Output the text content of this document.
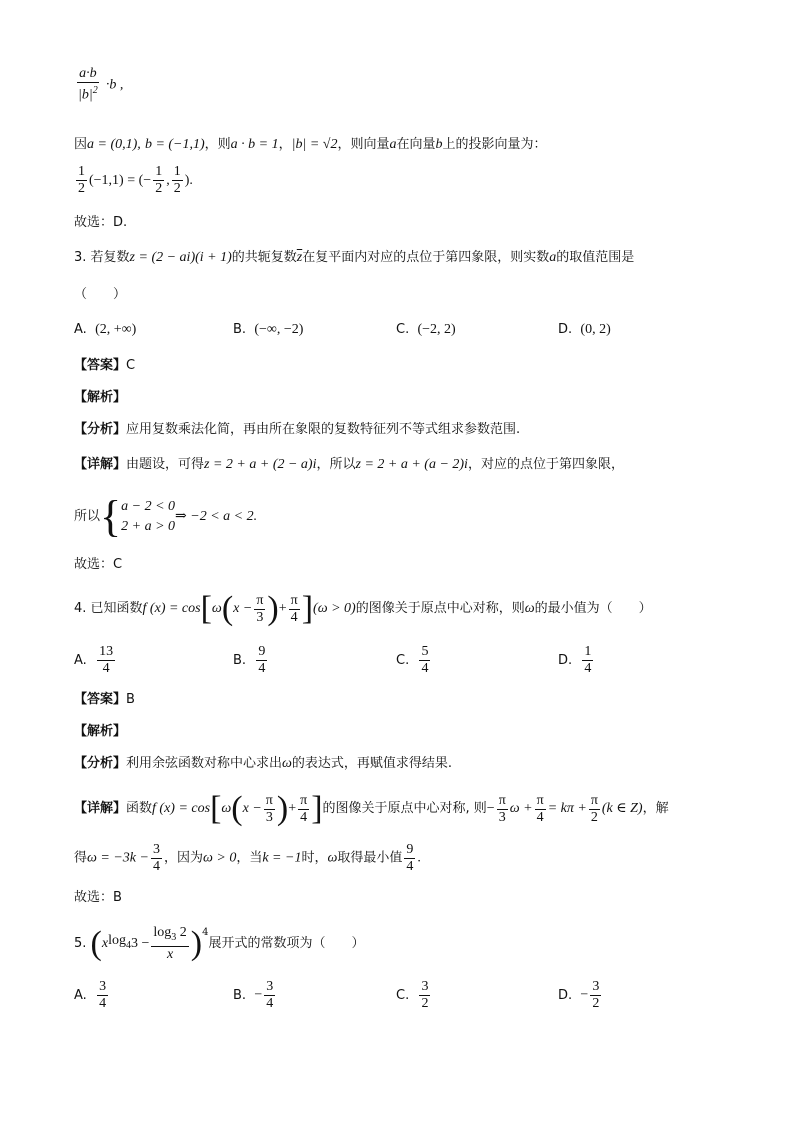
$\frac{a\cdot b}{|b|^2} \cdot b$ ,
因a = (0,1), b = (−1,1)，则a · b = 1，|b| = √2，则向量a在向量b上的投影向量为：
$\frac{1}{2} (-1,1)$ = (− $\frac{1}{2}$ , $\frac{1}{2}$ ).
故选：D.
3. 若复数z = (2 − ai)(i + 1)的共轭复数$\overline{z}$在复平面内对应的点位于第四象限，则实数a的取值范围是
（　　）
A. (2, +∞)	B. (−∞, −2)	C. (−2, 2)	D. (0, 2)
【答案】C
【解析】
【分析】应用复数乘法化简，再由所在象限的复数特征列不等式组求参数范围.
【详解】由题设，可得z = 2 + a + (2 − a)i，所以z = 2 + a + (a − 2)i，对应的点位于第四象限，
所以{ a − 2 < 0
2 + a > 0
⇒ −2 < a < 2.
故选：C
4. 已知函数f $(x) = \cos[\omega(x - \frac{\pi}{3}$ )+ $\frac{\pi}{4} ](\omega > 0)$的图像关于原点中心对称，则ω的最小值为（　　）
A. $\frac{13}{4}$	B. $\frac{9}{4}$	C. $\frac{5}{4}$	D. $\frac{1}{4}$
【答案】B
【解析】
【分析】利用余弦函数对称中心求出ω的表达式，再赋值求得结果.
【详解】函数f $(x) = \cos[\omega(x - \frac{\pi}{3}$ )+ $\frac{\pi}{4}$ ]的图像关于原点中心对称, 则− $\frac{\pi}{3}$ $\omega + \frac{\pi}{4} = k\pi + \frac{\pi}{2} (k$ ∈ Z)，解
得$\omega = -3k - \frac{3}{4}$ ，因为ω > 0，当k = −1时，ω取得最小值 $\frac{9}{4}$ .
故选：B
5. $(xlog_43 - \frac{\log_3 2}{x} )^4$展开式的常数项为（　　）
A. $\frac{3}{4}$	B. − $\frac{3}{4}$	C. $\frac{3}{2}$	D. − $\frac{3}{2}$
